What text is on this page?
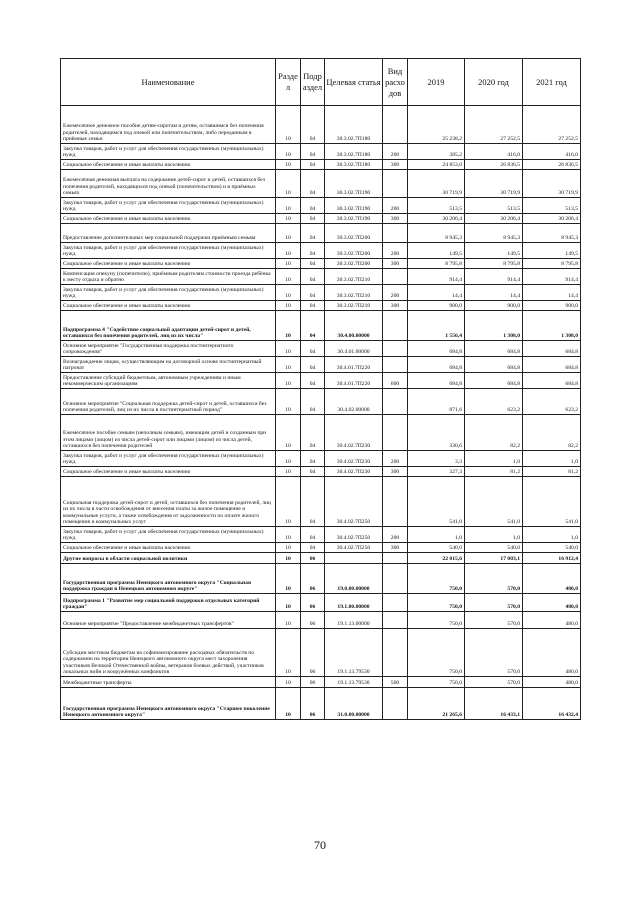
Наименование	Разде л	Подр аздел	Целевая статья	Вид расхо дов	2019	2020 год	2021 год
Ежемесячное денежное пособие детям-сиротам и детям, оставшимся без попечения родителей, находящимся под опекой или попечительством, либо переданным в приёмные семьи	10	04	30.3.02.7П180		25 238,2	27 252,5	27 252,5
Закупка товаров, работ и услуг для обеспечения государственных (муниципальных) нужд	10	04	30.3.02.7П180	200	385,2	416,0	416,0
Социальное обеспечение и иные выплаты населению	10	04	30.3.02.7П180	300	24 853,0	26 836,5	26 836,5
Ежемесячная денежная выплата на содержание детей-сирот и детей, оставшихся без попечения родителей, находящихся под опекой (попечительством) и в приёмных семьях	10	04	30.3.02.7П190		30 719,9	30 719,9	30 719,9
Закупка товаров, работ и услуг для обеспечения государственных (муниципальных) нужд	10	04	30.3.02.7П190	200	513,5	513,5	513,5
Социальное обеспечение и иные выплаты населению	10	04	30.3.02.7П190	300	30 206,4	30 206,4	30 206,4
Предоставление дополнительных мер социальной поддержки приёмным семьям	10	04	30.3.02.7П200		8 945,3	8 945,3	8 945,3
Закупка товаров, работ и услуг для обеспечения государственных (муниципальных) нужд	10	04	30.3.02.7П200	200	149,5	149,5	149,5
Социальное обеспечение и иные выплаты населению	10	04	30.3.02.7П200	300	8 795,8	8 795,8	8 795,8
Компенсация опекуну (попечителю), приёмным родителям стоимости проезда ребёнка к месту отдыха и обратно	10	04	30.3.02.7П210		914,4	914,4	914,4
Закупка товаров, работ и услуг для обеспечения государственных (муниципальных) нужд	10	04	30.3.02.7П210	200	14,4	14,4	14,4
Социальное обеспечение и иные выплаты населению	10	04	30.3.02.7П210	300	900,0	900,0	900,0
Подпрограмма 4 "Содействие социальной адаптации детей-сирот и детей, оставшихся без попечения родителей, лиц из их числа"	10	04	30.4.00.00000		1 556,4	1 308,0	1 308,0
Основное мероприятие "Государственная поддержка постинтернатного сопровождения"	10	04	30.4.01.00000		684,8	684,8	684,8
Вознаграждение лицам, осуществляющим на договорной основе постинтернатный патронат	10	04	30.4.01.7П220		684,8	684,8	684,8
Предоставление субсидий бюджетным, автономным учреждениям и иным некоммерческим организациям	10	04	30.4.01.7П220	600	684,8	684,8	684,8
Основное мероприятие "Социальная поддержка детей-сирот и детей, оставшихся без попечения родителей, лиц из их числа в постинтернатный период"	10	04	30.4.02.00000		871,6	623,2	623,2
Ежемесячное пособие семьям (неполным семьям), имеющим детей и созданным при этом лицами (лицом) из числа детей-сирот или лицами (лицом) из числа детей, оставшихся без попечения родителей	10	04	30.4.02.7П230		330,6	82,2	82,2
Закупка товаров, работ и услуг для обеспечения государственных (муниципальных) нужд	10	04	30.4.02.7П230	200	3,3	1,0	1,0
Социальное обеспечение и иные выплаты населению	10	04	30.4.02.7П230	300	327,3	81,2	81,2
Социальная поддержка детей-сирот и детей, оставшихся без попечения родителей, лиц из их числа в части освобождения от внесения платы за жилое помещение и коммунальные услуги, а также освобождения от задолженности по оплате жилого помещения и коммунальных услуг	10	04	30.4.02.7П250		541,0	541,0	541,0
Закупка товаров, работ и услуг для обеспечения государственных (муниципальных) нужд	10	04	30.4.02.7П250	200	1,0	1,0	1,0
Социальное обеспечение и иные выплаты населению	10	04	30.4.02.7П250	300	540,0	540,0	540,0
Другие вопросы в области социальной политики	10	06			22 015,6	17 003,1	16 912,4
Государственная программа Ненецкого автономного округа "Социальная поддержка граждан в Ненецком автономном округе"	10	06	19.0.00.00000		750,0	570,0	480,0
Подпрограмма 1 "Развитие мер социальной поддержки отдельных категорий граждан"	10	06	19.1.00.00000		750,0	570,0	480,0
Основное мероприятие "Предоставление межбюджетных трансфертов"	10	06	19.1.13.00000		750,0	570,0	480,0
Субсидии местным бюджетам на софинансирование расходных обязательств по содержанию на территории Ненецкого автономного округа мест захоронения участников Великой Отечественной войны, ветеранов боевых действий, участников локальных войн и вооружённых конфликтов	10	06	19.1.13.79530		750,0	570,0	480,0
Межбюджетные трансферты	10	06	19.1.13.79530	500	750,0	570,0	480,0
Государственная программа Ненецкого автономного округа "Старшее поколение Ненецкого автономного округа"	10	06	31.0.00.00000		21 265,6	16 433,1	16 432,4
70
